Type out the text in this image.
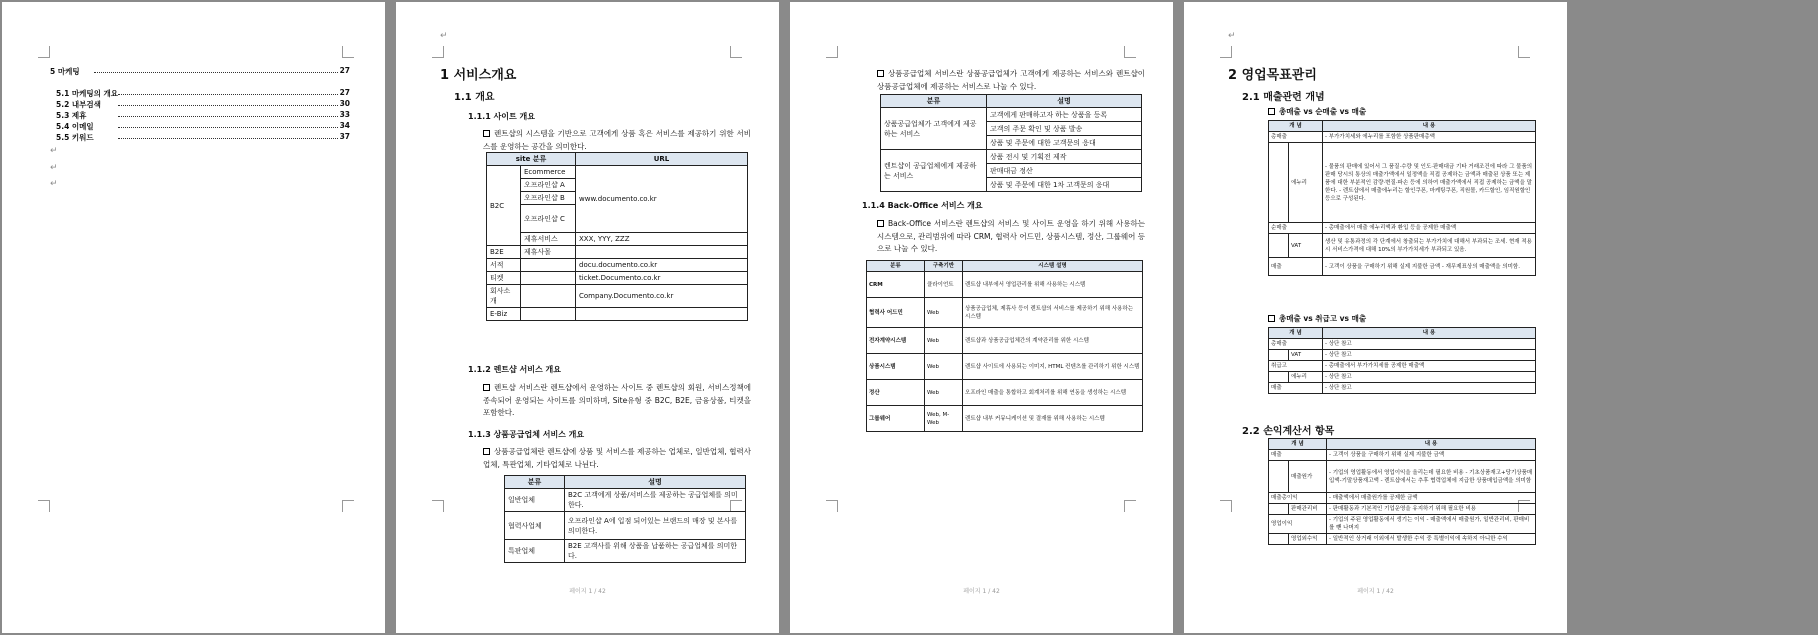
5 마케팅	27
5.1 마케팅의 개요	27
5.2 내부검색	30
5.3 제휴	33
5.4 이메일	34
5.5 키워드	37
↵
↵
↵
↵
1 서비스개요
1.1 개요
1.1.1 사이트 개요
렌트샵의 시스템을 기반으로 고객에게 상품 혹은 서비스를 제공하기 위한 서비스를 운영하는 공간을 의미한다.
site 분류		URL
B2C	Ecommerce	www.documento.co.kr
	오프라인샵 A	
	오프라인샵 B	
	오프라인샵 C	
	제휴서비스	XXX, YYY, ZZZ
B2E	제휴사몰	
서적		docu.documento.co.kr
티켓		ticket.Documento.co.kr
회사소개		Company.Documento.co.kr
E-Biz		
1.1.2 렌트샵 서비스 개요
렌트샵 서비스란 렌트샵에서 운영하는 사이트 중 렌트샵의 회원, 서비스정책에 종속되어 운영되는 사이트를 의미하며, Site유형 중 B2C, B2E, 금융상품, 티켓을 포함한다.
1.1.3 상품공급업체 서비스 개요
상품공급업체란 렌트샵에 상품 및 서비스를 제공하는 업체로, 일반업체, 협력사업체, 특판업체, 기타업체로 나뉜다.
분류	설명
일반업체	B2C 고객에게 상품/서비스를 제공하는 공급업체를 의미한다.
협력사업체	오프라인샵 A에 입점 되어있는 브랜드의 매장 및 본사를 의미한다.
특판업체	B2E 고객사를 위해 상품을 납품하는 공급업체를 의미한다.
페이지 1 / 42
상품공급업체 서비스란 상품공급업체가 고객에게 제공하는 서비스와 렌트샵이 상품공급업체에 제공하는 서비스로 나눌 수 있다.
분류	설명
상품공급업체가 고객에게 제공하는 서비스	고객에게 판매하고자 하는 상품을 등록
	고객의 주문 확인 및 상품 발송
	상품 및 주문에 대한 고객문의 응대
렌트샵이 공급업체에게 제공하는 서비스	상품 전시 및 기획전 제작
	판매대금 정산
	상품 및 주문에 대한 1차 고객문의 응대
1.1.4 Back-Office 서비스 개요
Back-Office 서비스란 렌트샵의 서비스 및 사이트 운영을 하기 위해 사용하는 시스템으로, 관리범위에 따라 CRM, 협력사 어드민, 상품시스템, 정산, 그룹웨어 등으로 나눌 수 있다.
분류	구축기반	시스템 설명
CRM	클라이언트	렌트샵 내부에서 영업관리를 위해 사용하는 시스템
협력사 어드민	Web	상품공급업체, 제휴사 등이 렌트샵의 서비스를 제공하기 위해 사용하는 시스템
전자계약시스템	Web	렌트샵과 상품공급업체간의 계약관리를 위한 시스템
상품시스템	Web	렌트샵 사이트에 사용되는 이미지, HTML 컨텐츠를 관리하기 위한 시스템
정산	Web	오프라인 매출을 통합하고 회계처리를 위해 연동을 생성하는 시스템
그룹웨어	Web, M-Web	렌트샵 내부 커뮤니케이션 및 결재를 위해 사용하는 시스템
페이지 1 / 42
↵
2 영업목표관리
2.1 매출관련 개념
총매출 vs 순매출 vs 매출
개 념		내 용
총매출		- 부가가치세와 에누리를 포함한 상품판매총액
	에누리	- 물품의 판매에 있어서 그 품질·수량 및 인도·판매대금 기타 거래조건에 따라 그 물품의 판매 당시의 통상의 매출가액에서 일정액을 직접 공제하는 금액과 매출된 상품 또는 제품에 대한 부분적인 감량·변질·파손 등에 의하여 매출가액에서 직접 공제하는 금액을 말한다. - 렌트샵에서 매출에누리는 할인쿠폰, 마케팅쿠폰, 직원몰, 카드할인, 임직원할인 등으로 구성된다.
순매출		- 총매출에서 매출 에누리액과 환입 등을 공제한 매출액
	VAT	생산 및 유통과정의 각 단계에서 창출되는 부가가치에 대해서 부과되는 조세. 현재 적용시 서비스가격에 대해 10%의 부가가치세가 부과되고 있음.
매출		- 고객이 상품을 구매하기 위해 실제 지불한 금액 - 재무제표상의 매출액을 의미함.
총매출 vs 취급고 vs 매출
개 념		내 용
총매출		- 상단 참고
	VAT	- 상단 참고
취급고		- 총매출에서 부가가치세를 공제한 매출액
	에누리	- 상단 참고
매출		- 상단 참고
2.2 손익계산서 항목
개 념		내 용
매출		- 고객이 상품을 구매하기 위해 실제 지불한 금액
	매출원가	- 기업의 영업활동에서 영업이익을 올리는데 필요한 비용 - 기초상품재고+당기상품매입액-기말상품재고액 - 렌트샵에서는 추후 협력업체에 지급한 상품매입금액을 의미함
매출총이익		- 매출액에서 매출원가를 공제한 금액
	판매관리비	- 판매활동과 기본적인 기업운영을 유지하기 위해 필요한 비용
영업이익		- 기업의 주된 영업활동에서 생기는 이익 - 매출액에서 매출원가, 일반관리비, 판매비를 뺀 나머지
	영업외수익	- 일반적인 상거래 이외에서 발생한 수익 중 특별이익에 속하지 아니한 수익
페이지 1 / 42
